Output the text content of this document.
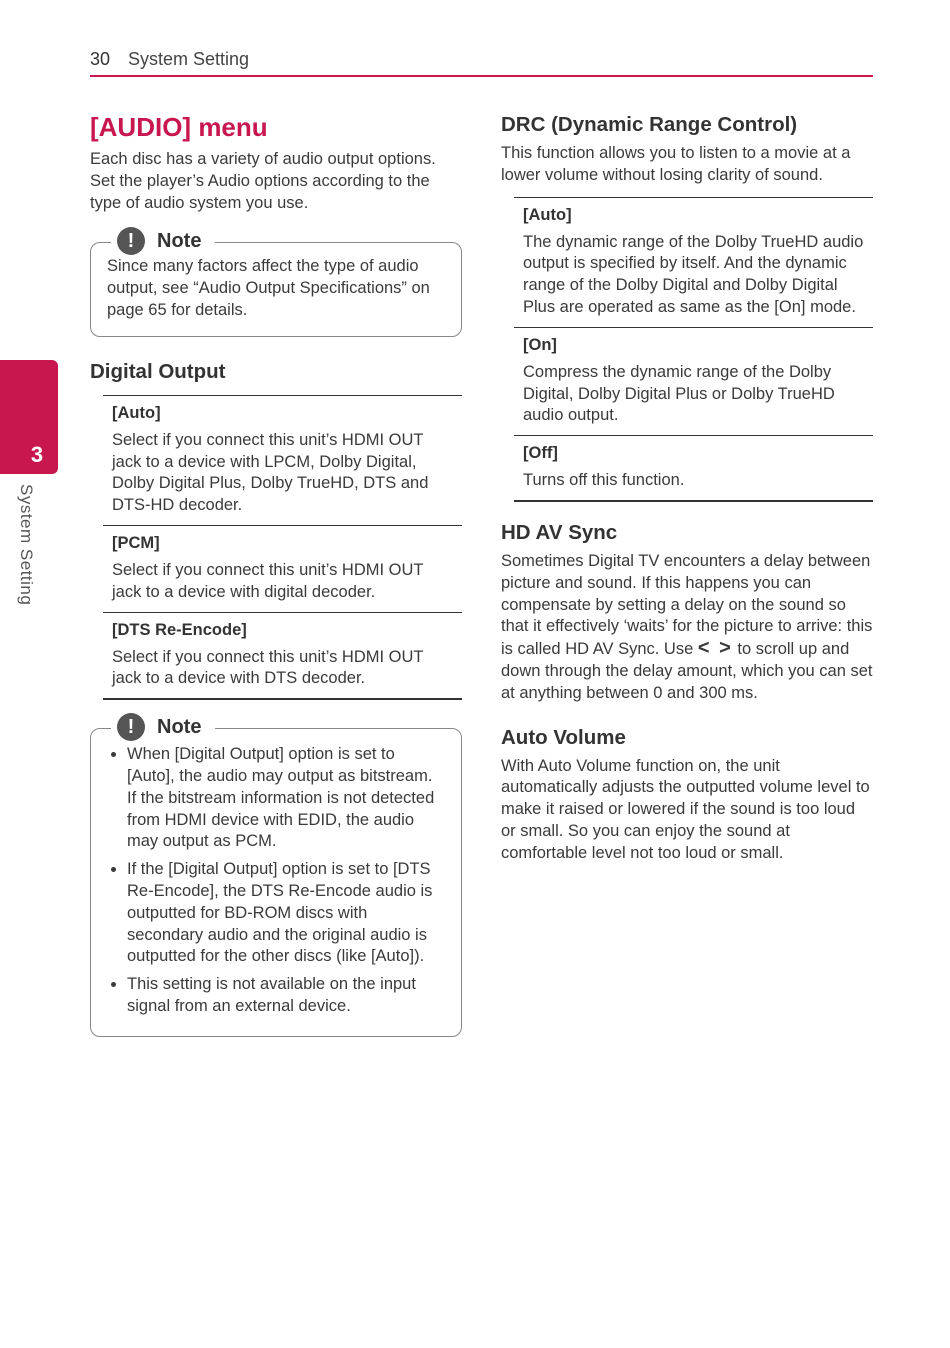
30 System Setting
3
System Setting
[AUDIO] menu

Each disc has a variety of audio output options. Set the player’s Audio options according to the type of audio system you use.

!	Note

Since many factors affect the type of audio output, see “Audio Output Specifications” on page 65 for details.

Digital Output
[Auto]
Select if you connect this unit’s HDMI OUT jack to a device with LPCM, Dolby Digital, Dolby Digital Plus, Dolby TrueHD, DTS and DTS-HD decoder.
[PCM]
Select if you connect this unit’s HDMI OUT jack to a device with digital decoder.
[DTS Re-Encode]
Select if you connect this unit’s HDMI OUT jack to a device with DTS decoder.
!	Note
• When [Digital Output] option is set to [Auto], the audio may output as bitstream. If the bitstream information is not detected from HDMI device with EDID, the audio may output as PCM.
• If the [Digital Output] option is set to [DTS Re-Encode], the DTS Re-Encode audio is outputted for BD-ROM discs with secondary audio and the original audio is outputted for the other discs (like [Auto]).
• This setting is not available on the input signal from an external device.
DRC (Dynamic Range Control)

This function allows you to listen to a movie at a lower volume without losing clarity of sound.

[Auto]
The dynamic range of the Dolby TrueHD audio output is specified by itself. And the dynamic range of the Dolby Digital and Dolby Digital Plus are operated as same as the [On] mode.
[On]
Compress the dynamic range of the Dolby Digital, Dolby Digital Plus or Dolby TrueHD audio output.
[Off]
Turns off this function.
HD AV Sync

Sometimes Digital TV encounters a delay between picture and sound. If this happens you can compensate by setting a delay on the sound so that it effectively ‘waits’ for the picture to arrive: this is called HD AV Sync. Use < > to scroll up and down through the delay amount, which you can set at anything between 0 and 300 ms.

Auto Volume

With Auto Volume function on, the unit automatically adjusts the outputted volume level to make it raised or lowered if the sound is too loud or small. So you can enjoy the sound at comfortable level not too loud or small.
